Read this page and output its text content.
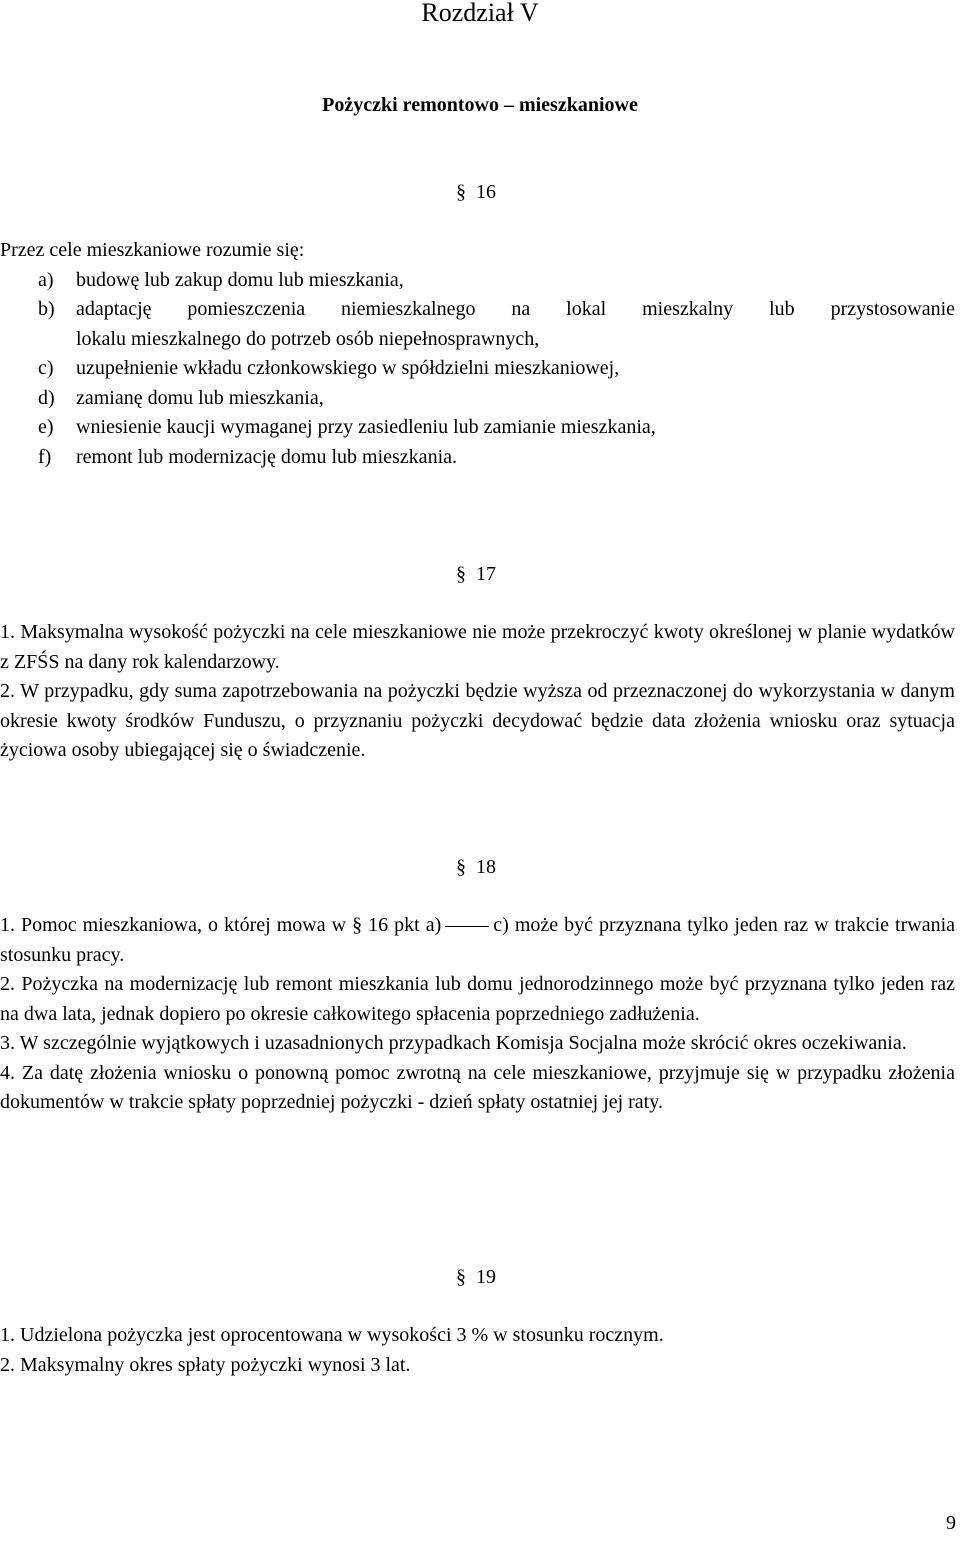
Rozdział V
Pożyczki remontowo – mieszkaniowe
§ 16
Przez cele mieszkaniowe rozumie się:
a)	budowę lub zakup domu lub mieszkania,
b)	adaptację pomieszczenia niemieszkalnego na lokal mieszkalny lub przystosowanie
lokalu mieszkalnego do potrzeb osób niepełnosprawnych,
c)	uzupełnienie wkładu członkowskiego w spółdzielni mieszkaniowej,
d)	zamianę domu lub mieszkania,
e)	wniesienie kaucji wymaganej przy zasiedleniu lub zamianie mieszkania,
f)	remont lub modernizację domu lub mieszkania.
§ 17
1. Maksymalna wysokość pożyczki na cele mieszkaniowe nie może przekroczyć kwoty określonej w planie wydatków z ZFŚS na dany rok kalendarzowy.
2. W przypadku, gdy suma zapotrzebowania na pożyczki będzie wyższa od przeznaczonej do wykorzystania w danym okresie kwoty środków Funduszu, o przyznaniu pożyczki decydować będzie data złożenia wniosku oraz sytuacja życiowa osoby ubiegającej się o świadczenie.
§ 18
1. Pomoc mieszkaniowa, o której mowa w § 16 pkt a)	c) może być przyznana tylko jeden raz w trakcie trwania stosunku pracy.
2. Pożyczka na modernizację lub remont mieszkania lub domu jednorodzinnego może być przyznana tylko jeden raz na dwa lata, jednak dopiero po okresie całkowitego spłacenia poprzedniego zadłużenia.
3. W szczególnie wyjątkowych i uzasadnionych przypadkach Komisja Socjalna może skrócić okres oczekiwania.
4. Za datę złożenia wniosku o ponowną pomoc zwrotną na cele mieszkaniowe, przyjmuje się w przypadku złożenia dokumentów w trakcie spłaty poprzedniej pożyczki - dzień spłaty ostatniej jej raty.
§ 19
1. Udzielona pożyczka jest oprocentowana w wysokości 3 % w stosunku rocznym.
2. Maksymalny okres spłaty pożyczki wynosi 3 lat.
9
